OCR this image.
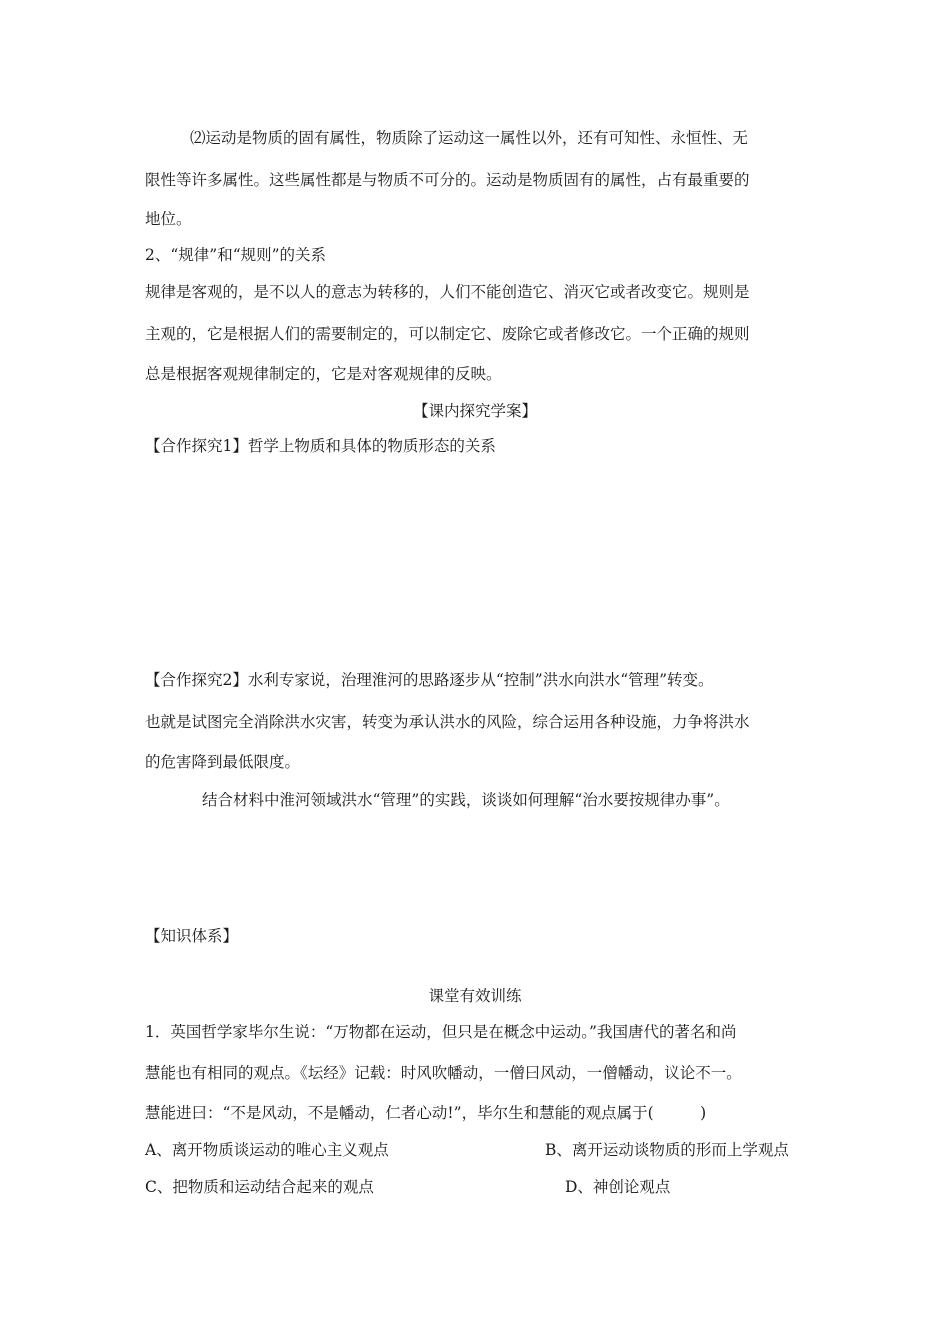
⑵运动是物质的固有属性，物质除了运动这一属性以外，还有可知性、永恒性、无
限性等许多属性。这些属性都是与物质不可分的。运动是物质固有的属性，占有最重要的
地位。
2、“规律”和“规则”的关系
规律是客观的，是不以人的意志为转移的，人们不能创造它、消灭它或者改变它。规则是
主观的，它是根据人们的需要制定的，可以制定它、废除它或者修改它。一个正确的规则
总是根据客观规律制定的，它是对客观规律的反映。
【课内探究学案】
【合作探究1】哲学上物质和具体的物质形态的关系
【合作探究2】水利专家说，治理淮河的思路逐步从“控制”洪水向洪水“管理”转变。
也就是试图完全消除洪水灾害，转变为承认洪水的风险，综合运用各种设施，力争将洪水
的危害降到最低限度。
结合材料中淮河领域洪水“管理”的实践，谈谈如何理解“治水要按规律办事”。
【知识体系】
课堂有效训练
1．英国哲学家毕尔生说：“万物都在运动，但只是在概念中运动。”我国唐代的著名和尚
慧能也有相同的观点。《坛经》记载：时风吹幡动，一僧曰风动，一僧幡动，议论不一。
慧能进曰：“不是风动，不是幡动，仁者心动!”，毕尔生和慧能的观点属于(　　　)
A、离开物质谈运动的唯心主义观点	B、离开运动谈物质的形而上学观点
C、把物质和运动结合起来的观点	D、神创论观点
